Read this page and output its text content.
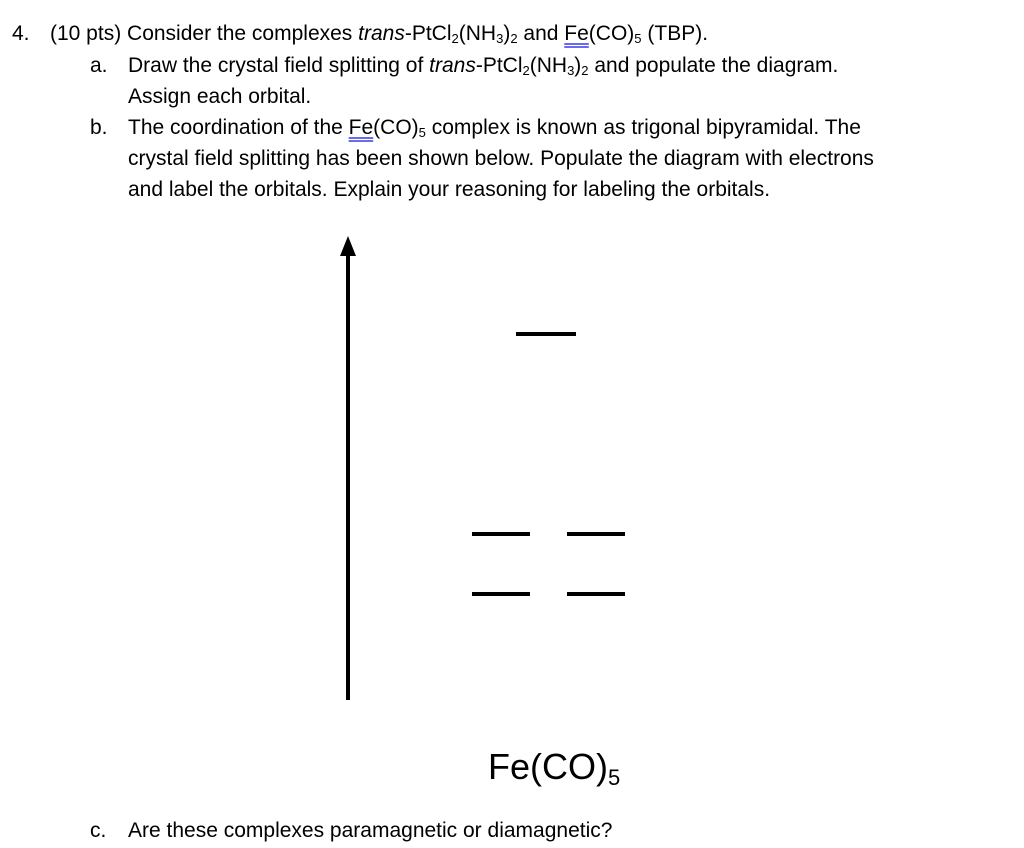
4. (10 pts) Consider the complexes trans-$PtCl_2(NH_3)_2$ and $Fe(CO)_5$ (TBP).
a. Draw the crystal field splitting of trans-$PtCl_2(NH_3)_2$ and populate the diagram.
Assign each orbital.
b. The coordination of the $Fe(CO)_5$ complex is known as trigonal bipyramidal. The
crystal field splitting has been shown below. Populate the diagram with electrons
and label the orbitals. Explain your reasoning for labeling the orbitals.
$Fe(CO)_5$
c. Are these complexes paramagnetic or diamagnetic?
